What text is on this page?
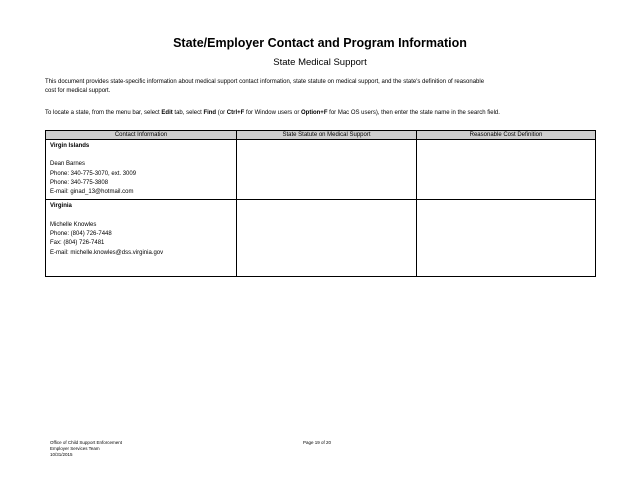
State/Employer Contact and Program Information
State Medical Support
This document provides state-specific information about medical support contact information, state statute on medical support, and the state's definition of reasonable
cost for medical support.
To locate a state, from the menu bar, select Edit tab, select Find (or Ctrl+F for Window users or Option+F for Mac OS users), then enter the state name in the search field.
Contact Information	State Statute on Medical Support	Reasonable Cost Definition

Virgin Islands
Dean Barnes
Phone: 340-775-3070, ext. 3009
Phone: 340-775-3808
E-mail: ginad_13@hotmail.com		

Virginia
Michelle Knowles
Phone: (804) 726-7448
Fax: (804) 726-7481
E-mail: michelle.knowles@dss.virginia.gov		

Office of Child Support Enforcement
Employer Services Team
10/31/2015
Page 19 of 20
